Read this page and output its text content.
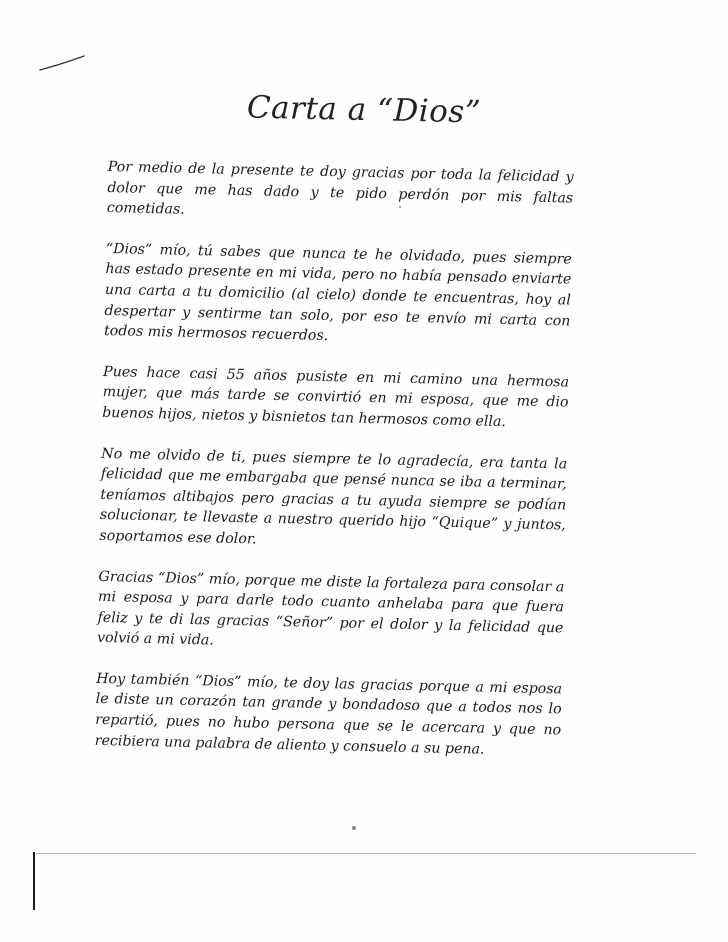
Carta a “Dios”

Por medio de la presente te doy gracias por toda la felicidad y dolor que me has dado y te pido perdón por mis faltas cometidas.

“Dios” mío, tú sabes que nunca te he olvidado, pues siempre has estado presente en mi vida, pero no había pensado enviarte una carta a tu domicilio (al cielo) donde te encuentras, hoy al despertar y sentirme tan solo, por eso te envío mi carta con todos mis hermosos recuerdos.

Pues hace casi 55 años pusiste en mi camino una hermosa mujer, que más tarde se convirtió en mi esposa, que me dio buenos hijos, nietos y bisnietos tan hermosos como ella.

No me olvido de ti, pues siempre te lo agradecía, era tanta la felicidad que me embargaba que pensé nunca se iba a terminar, teníamos altibajos pero gracias a tu ayuda siempre se podían solucionar, te llevaste a nuestro querido hijo “Quique” y juntos, soportamos ese dolor.

Gracias “Dios” mío, porque me diste la fortaleza para consolar a mi esposa y para darle todo cuanto anhelaba para que fuera feliz y te di las gracias “Señor” por el dolor y la felicidad que volvió a mi vida.

Hoy también “Dios” mío, te doy las gracias porque a mi esposa le diste un corazón tan grande y bondadoso que a todos nos lo repartió, pues no hubo persona que se le acercara y que no recibiera una palabra de aliento y consuelo a su pena.
